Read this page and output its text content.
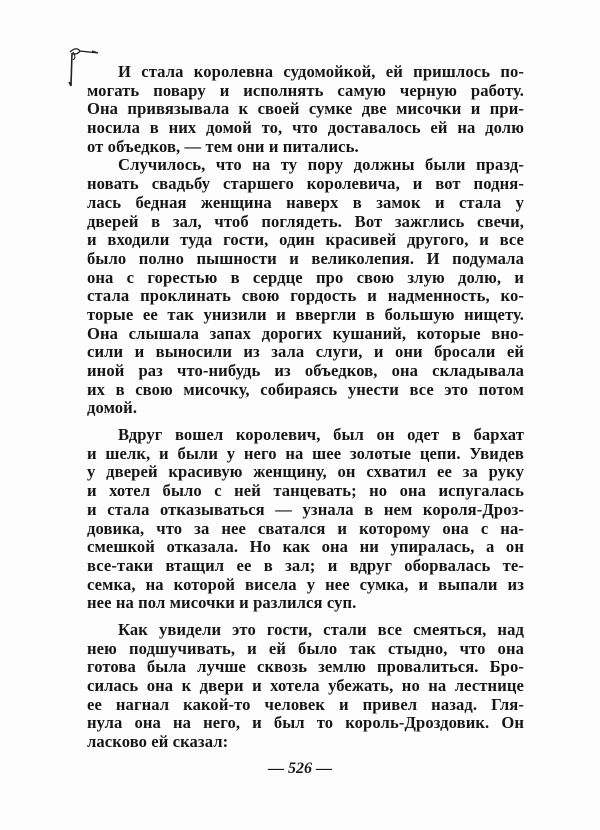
И стала королевна судомойкой, ей пришлось по-
могать повару и исполнять самую черную работу.
Она привязывала к своей сумке две мисочки и при-
носила в них домой то, что доставалось ей на долю
от объедков, — тем они и питались.
Случилось, что на ту пору должны были празд-
новать свадьбу старшего королевича, и вот подня-
лась бедная женщина наверх в замок и стала у
дверей в зал, чтоб поглядеть. Вот зажглись свечи,
и входили туда гости, один красивей другого, и все
было полно пышности и великолепия. И подумала
она с горестью в сердце про свою злую долю, и
стала проклинать свою гордость и надменность, ко-
торые ее так унизили и ввергли в большую нищету.
Она слышала запах дорогих кушаний, которые вно-
сили и выносили из зала слуги, и они бросали ей
иной раз что-нибудь из объедков, она складывала
их в свою мисочку, собираясь унести все это потом
домой.
Вдруг вошел королевич, был он одет в бархат
и шелк, и были у него на шее золотые цепи. Увидев
у дверей красивую женщину, он схватил ее за руку
и хотел было с ней танцевать; но она испугалась
и стала отказываться — узнала в нем короля-Дроз-
довика, что за нее сватался и которому она с на-
смешкой отказала. Но как она ни упиралась, а он
все-таки втащил ее в зал; и вдруг оборвалась те-
семка, на которой висела у нее сумка, и выпали из
нее на пол мисочки и разлился суп.
Как увидели это гости, стали все смеяться, над
нею подшучивать, и ей было так стыдно, что она
готова была лучше сквозь землю провалиться. Бро-
силась она к двери и хотела убежать, но на лестнице
ее нагнал какой-то человек и привел назад. Гля-
нула она на него, и был то король-Дроздовик. Он
ласково ей сказал:
— 526 —
